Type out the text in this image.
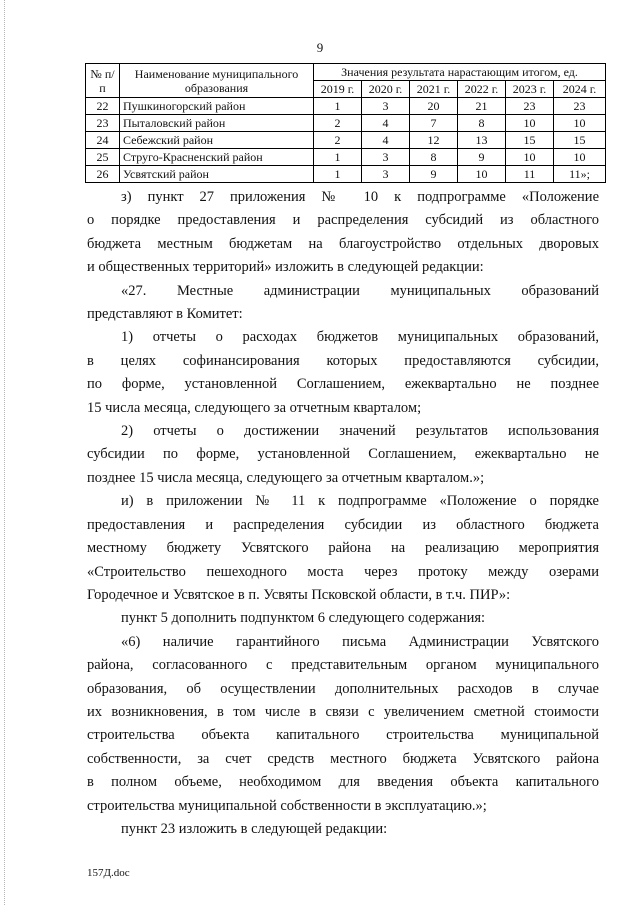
9
№ п/п	Наименование муниципального образования	Значения результата нарастающим итогом, ед.					
		2019 г.	2020 г.	2021 г.	2022 г.	2023 г.	2024 г.
22	Пушкиногорский район	1	3	20	21	23	23
23	Пыталовский район	2	4	7	8	10	10
24	Себежский район	2	4	12	13	15	15
25	Струго-Красненский район	1	3	8	9	10	10
26	Усвятский район	1	3	9	10	11	11»;

з) пункт 27 приложения № 10 к подпрограмме «Положение

о порядке предоставления и распределения субсидий из областного

бюджета местным бюджетам на благоустройство отдельных дворовых

и общественных территорий» изложить в следующей редакции:

«27. Местные администрации муниципальных образований

представляют в Комитет:

1) отчеты о расходах бюджетов муниципальных образований,

в целях софинансирования которых предоставляются субсидии,

по форме, установленной Соглашением, ежеквартально не позднее

15 числа месяца, следующего за отчетным кварталом;

2) отчеты о достижении значений результатов использования

субсидии по форме, установленной Соглашением, ежеквартально не

позднее 15 числа месяца, следующего за отчетным кварталом.»;

и) в приложении № 11 к подпрограмме «Положение о порядке

предоставления и распределения субсидии из областного бюджета

местному бюджету Усвятского района на реализацию мероприятия

«Строительство пешеходного моста через протоку между озерами

Городечное и Усвятское в п. Усвяты Псковской области, в т.ч. ПИР»:

пункт 5 дополнить подпунктом 6 следующего содержания:

«6) наличие гарантийного письма Администрации Усвятского

района, согласованного с представительным органом муниципального

образования, об осуществлении дополнительных расходов в случае

их возникновения, в том числе в связи с увеличением сметной стоимости

строительства объекта капитального строительства муниципальной

собственности, за счет средств местного бюджета Усвятского района

в полном объеме, необходимом для введения объекта капитального

строительства муниципальной собственности в эксплуатацию.»;

пункт 23 изложить в следующей редакции:

157Д.doc
